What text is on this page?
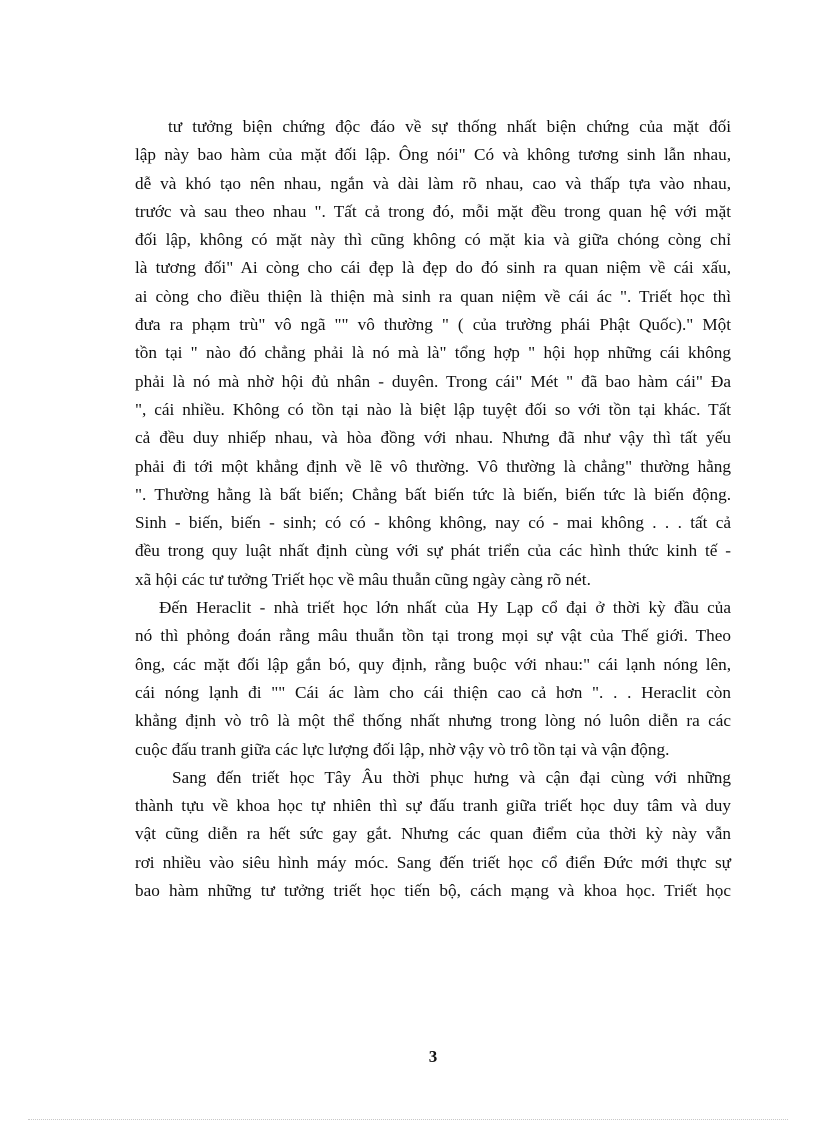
tư tưởng biện chứng độc đáo về sự thống nhất biện chứng của mặt đối
lập này bao hàm của mặt đối lập. Ông nói" Có và không tương sinh lẫn nhau,
dễ và khó tạo nên nhau, ngắn và dài làm rõ nhau, cao và thấp tựa vào nhau,
trước và sau theo nhau ". Tất cả trong đó, mỗi mặt đều trong quan hệ với mặt
đối lập, không có mặt này thì cũng không có mặt kia và giữa chóng còng chỉ
là tương đối" Ai còng cho cái đẹp là đẹp do đó sinh ra quan niệm về cái xấu,
ai còng cho điều thiện là thiện mà sinh ra quan niệm về cái ác ". Triết học thì
đưa ra phạm trù" vô ngã "" vô thường " ( của trường phái Phật Quốc)." Một
tồn tại " nào đó chẳng phải là nó mà là" tổng hợp " hội họp những cái không
phải là nó mà nhờ hội đủ nhân - duyên. Trong cái" Mét " đã bao hàm cái" Đa
", cái nhiều. Không có tồn tại nào là biệt lập tuyệt đối so với tồn tại khác. Tất
cả đều duy nhiếp nhau, và hòa đồng với nhau. Nhưng đã như vậy thì tất yếu
phải đi tới một khẳng định về lẽ vô thường. Vô thường là chẳng" thường hằng
". Thường hằng là bất biến; Chẳng bất biến tức là biến, biến tức là biến động.
Sinh - biến, biến - sinh; có có - không không, nay có - mai không . . . tất cả
đều trong quy luật nhất định cùng với sự phát triển của các hình thức kinh tế -
xã hội các tư tưởng Triết học về mâu thuẫn cũng ngày càng rõ nét.
Đến Heraclit - nhà triết học lớn nhất của Hy Lạp cổ đại ở thời kỳ đầu của
nó thì phỏng đoán rằng mâu thuẫn tồn tại trong mọi sự vật của Thế giới. Theo
ông, các mặt đối lập gắn bó, quy định, rằng buộc với nhau:" cái lạnh nóng lên,
cái nóng lạnh đi "" Cái ác làm cho cái thiện cao cả hơn ". . . Heraclit còn
khẳng định vò trô là một thể thống nhất nhưng trong lòng nó luôn diễn ra các
cuộc đấu tranh giữa các lực lượng đối lập, nhờ vậy vò trô tồn tại và vận động.
Sang đến triết học Tây Âu thời phục hưng và cận đại cùng với những
thành tựu về khoa học tự nhiên thì sự đấu tranh giữa triết học duy tâm và duy
vật cũng diễn ra hết sức gay gắt. Nhưng các quan điểm của thời kỳ này vẫn
rơi nhiều vào siêu hình máy móc. Sang đến triết học cổ điển Đức mới thực sự
bao hàm những tư tưởng triết học tiến bộ, cách mạng và khoa học. Triết học
3
